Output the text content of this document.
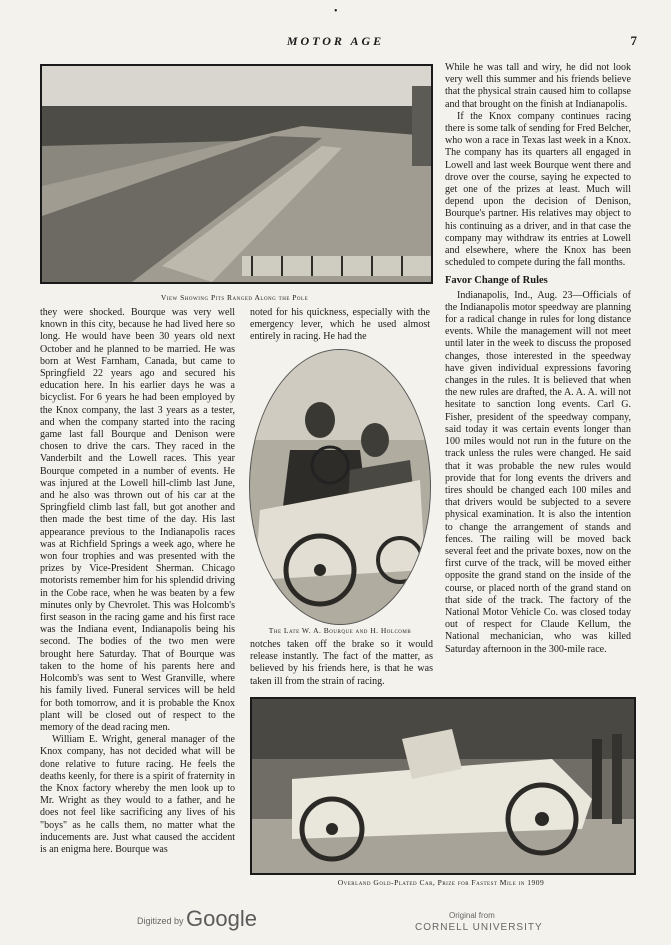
•
MOTOR AGE	7
View Showing Pits Ranged Along the Pole

they were shocked. Bourque was very well known in this city, because he had lived here so long. He would have been 30 years old next October and he planned to be married. He was born at West Farnham, Canada, but came to Springfield 22 years ago and secured his education here. In his earlier days he was a bicyclist. For 6 years he had been employed by the Knox company, the last 3 years as a tester, and when the company started into the racing game last fall Bourque and Denison were chosen to drive the cars. They raced in the Vanderbilt and the Lowell races. This year Bourque competed in a number of events. He was injured at the Lowell hill-climb last June, and he also was thrown out of his car at the Springfield climb last fall, but got another and then made the best time of the day. His last appearance previous to the Indianapolis races was at Richfield Springs a week ago, where he won four trophies and was presented with the prizes by Vice-President Sherman. Chicago motorists remember him for his splendid driving in the Cobe race, when he was beaten by a few minutes only by Chevrolet. This was Holcomb's first season in the racing game and his first race was the Indiana event, Indianapolis being his second. The bodies of the two men were brought here Saturday. That of Bourque was taken to the home of his parents here and Holcomb's was sent to West Granville, where his family lived. Funeral services will be held for both tomorrow, and it is probable the Knox plant will be closed out of respect to the memory of the dead racing men.

William E. Wright, general manager of the Knox company, has not decided what will be done relative to future racing. He feels the deaths keenly, for there is a spirit of fraternity in the Knox factory whereby the men look up to Mr. Wright as they would to a father, and he does not feel like sacrificing any lives of his "boys" as he calls them, no matter what the inducements are. Just what caused the accident is an enigma here. Bourque was

noted for his quickness, especially with the emergency lever, which he used almost entirely in racing. He had the

The Late W. A. Bourque and H. Holcomb

notches taken off the brake so it would release instantly. The fact of the matter, as believed by his friends here, is that he was taken ill from the strain of racing.

While he was tall and wiry, he did not look very well this summer and his friends believe that the physical strain caused him to collapse and that brought on the finish at Indianapolis.

If the Knox company continues racing there is some talk of sending for Fred Belcher, who won a race in Texas last week in a Knox. The company has its quarters all engaged in Lowell and last week Bourque went there and drove over the course, saying he expected to get one of the prizes at least. Much will depend upon the decision of Denison, Bourque's partner. His relatives may object to his continuing as a driver, and in that case the company may withdraw its entries at Lowell and elsewhere, where the Knox has been scheduled to compete during the fall months.

Favor Change of Rules

Indianapolis, Ind., Aug. 23—Officials of the Indianapolis motor speedway are planning for a radical change in rules for long distance events. While the management will not meet until later in the week to discuss the proposed changes, those interested in the speedway have given individual expressions favoring changes in the rules. It is believed that when the new rules are drafted, the A. A. A. will not hesitate to sanction long events. Carl G. Fisher, president of the speedway company, said today it was certain events longer than 100 miles would not run in the future on the track unless the rules were changed. He said that it was probable the new rules would provide that for long events the drivers and tires should be changed each 100 miles and that drivers would be subjected to a severe physical examination. It is also the intention to change the arrangement of stands and fences. The railing will be moved back several feet and the private boxes, now on the first curve of the track, will be moved either opposite the grand stand on the inside of the course, or placed north of the grand stand on that side of the track. The factory of the National Motor Vehicle Co. was closed today out of respect for Claude Kellum, the National mechanician, who was killed Saturday afternoon in the 300-mile race.

Overland Gold-Plated Car, Prize for Fastest Mile in 1909
Digitized by Google	Original from
CORNELL UNIVERSITY
